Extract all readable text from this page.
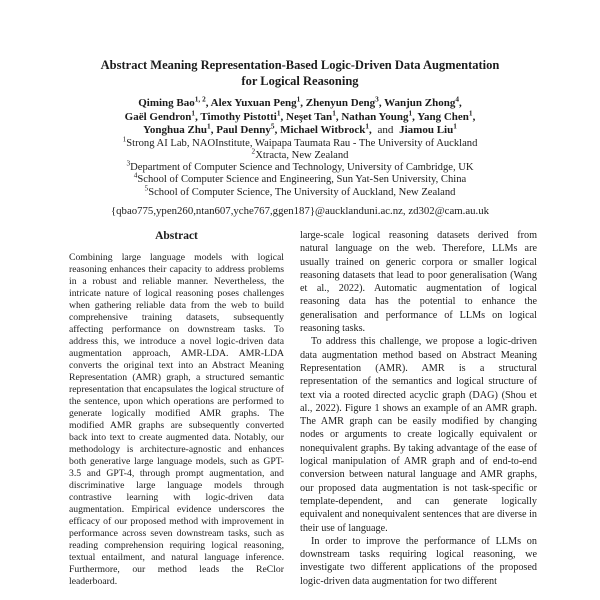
Abstract Meaning Representation-Based Logic-Driven Data Augmentation
for Logical Reasoning
Qiming Bao$^{1, 2}$, Alex Yuxuan Peng$^1$, Zhenyun Deng$^3$, Wanjun Zhong$^4$,
Gaël Gendron$^1$, Timothy Pistotti$^1$, Neşet Tan$^1$, Nathan Young$^1$, Yang Chen$^1$,
Yonghua Zhu$^1$, Paul Denny$^5$, Michael Witbrock$^1$, and Jiamou Liu$^1$
$^1$Strong AI Lab, NAOInstitute, Waipapa Taumata Rau - The University of Auckland
$^2$Xtracta, New Zealand
$^3$Department of Computer Science and Technology, University of Cambridge, UK
$^4$School of Computer Science and Engineering, Sun Yat-Sen University, China
$^5$School of Computer Science, The University of Auckland, New Zealand
{qbao775,ypen260,ntan607,yche767,ggen187}@aucklanduni.ac.nz, zd302@cam.au.uk
Abstract
Combining large language models with logical reasoning enhances their capacity to address problems in a robust and reliable manner. Nevertheless, the intricate nature of logical reasoning poses challenges when gathering reliable data from the web to build comprehensive training datasets, subsequently affecting performance on downstream tasks. To address this, we introduce a novel logic-driven data augmentation approach, AMR-LDA. AMR-LDA converts the original text into an Abstract Meaning Representation (AMR) graph, a structured semantic representation that encapsulates the logical structure of the sentence, upon which operations are performed to generate logically modified AMR graphs. The modified AMR graphs are subsequently converted back into text to create augmented data. Notably, our methodology is architecture-agnostic and enhances both generative large language models, such as GPT-3.5 and GPT-4, through prompt augmentation, and discriminative large language models through contrastive learning with logic-driven data augmentation. Empirical evidence underscores the efficacy of our proposed method with improvement in performance across seven downstream tasks, such as reading comprehension requiring logical reasoning, textual entailment, and natural language inference. Furthermore, our method leads the ReClor leaderboard.

large-scale logical reasoning datasets derived from natural language on the web. Therefore, LLMs are usually trained on generic corpora or smaller logical reasoning datasets that lead to poor generalisation (Wang et al., 2022). Automatic augmentation of logical reasoning data has the potential to enhance the generalisation and performance of LLMs on logical reasoning tasks.

To address this challenge, we propose a logic-driven data augmentation method based on Abstract Meaning Representation (AMR). AMR is a structural representation of the semantics and logical structure of text via a rooted directed acyclic graph (DAG) (Shou et al., 2022). Figure 1 shows an example of an AMR graph. The AMR graph can be easily modified by changing nodes or arguments to create logically equivalent or nonequivalent graphs. By taking advantage of the ease of logical manipulation of AMR graph and of end-to-end conversion between natural language and AMR graphs, our proposed data augmentation is not task-specific or template-dependent, and can generate logically equivalent and nonequivalent sentences that are diverse in their use of language.

In order to improve the performance of LLMs on downstream tasks requiring logical reasoning, we investigate two different applications of the proposed logic-driven data augmentation for two different
